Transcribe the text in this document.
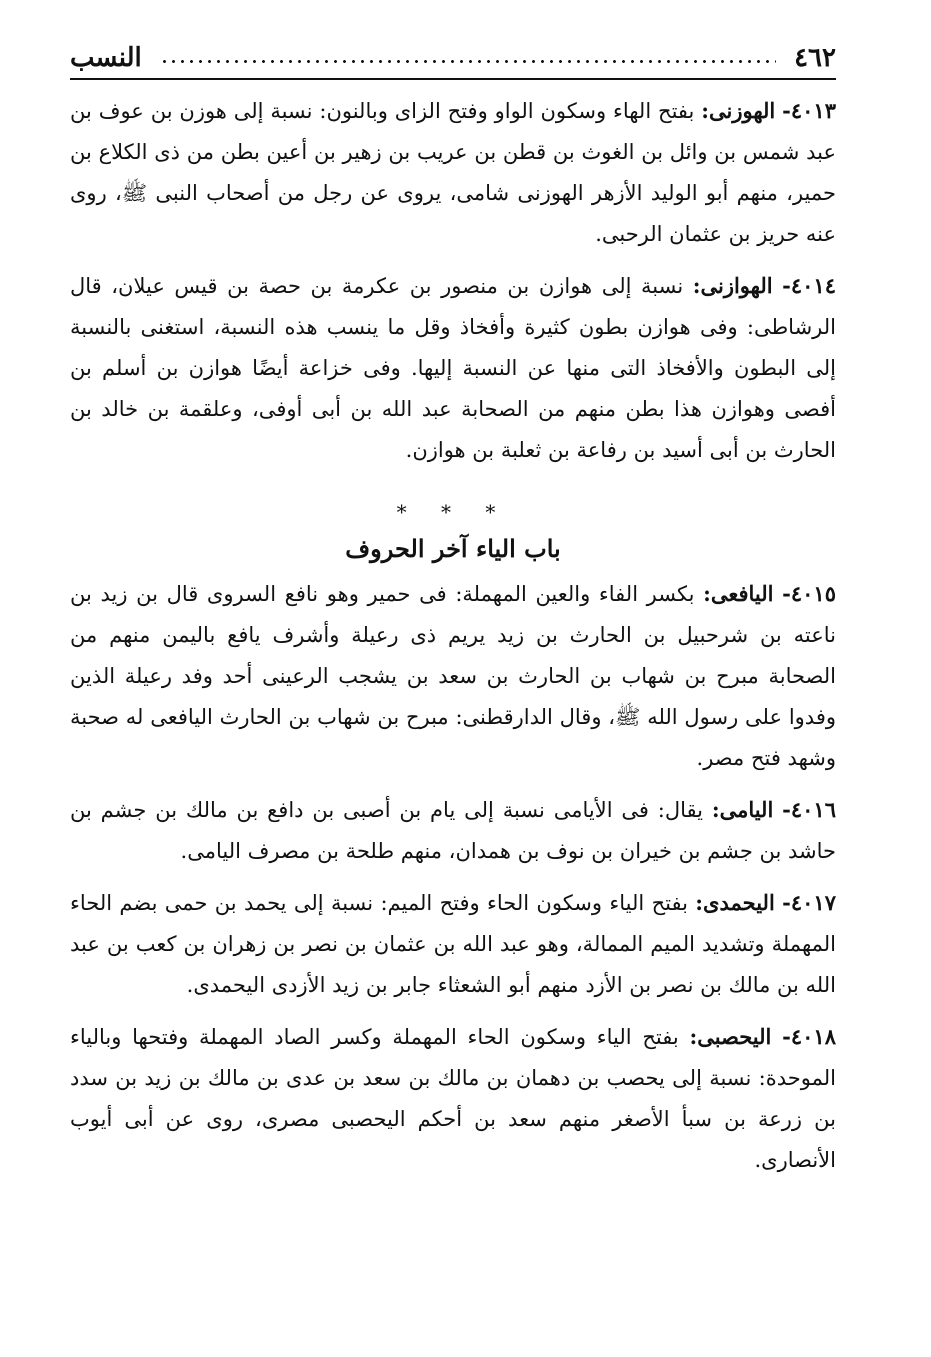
٤٦٢
النسب

٤٠١٣- الهوزنى: بفتح الهاء وسكون الواو وفتح الزاى وبالنون: نسبة إلى هوزن بن عوف بن عبد شمس بن وائل بن الغوث بن قطن بن عريب بن زهير بن أعين بطن من ذى الكلاع بن حمير، منهم أبو الوليد الأزهر الهوزنى شامى، يروى عن رجل من أصحاب النبى ﷺ، روى عنه حريز بن عثمان الرحبى.

٤٠١٤- الهوازنى: نسبة إلى هوازن بن منصور بن عكرمة بن حصة بن قيس عيلان، قال الرشاطى: وفى هوازن بطون كثيرة وأفخاذ وقل ما ينسب هذه النسبة، استغنى بالنسبة إلى البطون والأفخاذ التى منها عن النسبة إليها. وفى خزاعة أيضًا هوازن بن أسلم بن أفصى وهوازن هذا بطن منهم من الصحابة عبد الله بن أبى أوفى، وعلقمة بن خالد بن الحارث بن أبى أسيد بن رفاعة بن ثعلبة بن هوازن.

* * *
باب الياء آخر الحروف

٤٠١٥- اليافعى: بكسر الفاء والعين المهملة: فى حمير وهو نافع السروى قال بن زيد بن ناعته بن شرحبيل بن الحارث بن زيد يريم ذى رعيلة وأشرف يافع باليمن منهم من الصحابة مبرح بن شهاب بن الحارث بن سعد بن يشجب الرعينى أحد وفد رعيلة الذين وفدوا على رسول الله ﷺ، وقال الدارقطنى: مبرح بن شهاب بن الحارث اليافعى له صحبة وشهد فتح مصر.

٤٠١٦- اليامى: يقال: فى الأيامى نسبة إلى يام بن أصبى بن دافع بن مالك بن جشم بن حاشد بن جشم بن خيران بن نوف بن همدان، منهم طلحة بن مصرف اليامى.

٤٠١٧- اليحمدى: بفتح الياء وسكون الحاء وفتح الميم: نسبة إلى يحمد بن حمى بضم الحاء المهملة وتشديد الميم الممالة، وهو عبد الله بن عثمان بن نصر بن زهران بن كعب بن عبد الله بن مالك بن نصر بن الأزد منهم أبو الشعثاء جابر بن زيد الأزدى اليحمدى.

٤٠١٨- اليحصبى: بفتح الياء وسكون الحاء المهملة وكسر الصاد المهملة وفتحها وبالياء الموحدة: نسبة إلى يحصب بن دهمان بن مالك بن سعد بن عدى بن مالك بن زيد بن سدد بن زرعة بن سبأ الأصغر منهم سعد بن أحكم اليحصبى مصرى، روى عن أبى أيوب الأنصارى.
